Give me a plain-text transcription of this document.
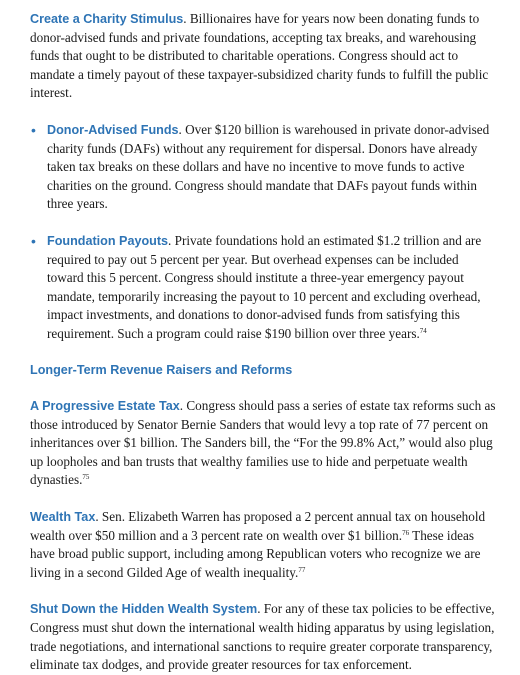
Create a Charity Stimulus. Billionaires have for years now been donating funds to donor-advised funds and private foundations, accepting tax breaks, and warehousing funds that ought to be distributed to charitable operations. Congress should act to mandate a timely payout of these taxpayer-subsidized charity funds to fulfill the public interest.

• Donor-Advised Funds. Over $120 billion is warehoused in private donor-advised charity funds (DAFs) without any requirement for dispersal. Donors have already taken tax breaks on these dollars and have no incentive to move funds to active charities on the ground. Congress should mandate that DAFs payout funds within three years.
• Foundation Payouts. Private foundations hold an estimated $1.2 trillion and are required to pay out 5 percent per year. But overhead expenses can be included toward this 5 percent. Congress should institute a three-year emergency payout mandate, temporarily increasing the payout to 10 percent and excluding overhead, impact investments, and donations to donor-advised funds from satisfying this requirement. Such a program could raise $190 billion over three years.$^{74}$

Longer-Term Revenue Raisers and Reforms

A Progressive Estate Tax. Congress should pass a series of estate tax reforms such as those introduced by Senator Bernie Sanders that would levy a top rate of 77 percent on inheritances over $1 billion. The Sanders bill, the “For the 99.8% Act,” would also plug up loopholes and ban trusts that wealthy families use to hide and perpetuate wealth dynasties.$^{75}$

Wealth Tax. Sen. Elizabeth Warren has proposed a 2 percent annual tax on household wealth over $50 million and a 3 percent rate on wealth over $1 billion.$^{76}$ These ideas have broad public support, including among Republican voters who recognize we are living in a second Gilded Age of wealth inequality.$^{77}$

Shut Down the Hidden Wealth System. For any of these tax policies to be effective, Congress must shut down the international wealth hiding apparatus by using legislation, trade negotiations, and international sanctions to require greater corporate transparency, eliminate tax dodges, and provide greater resources for tax enforcement.
